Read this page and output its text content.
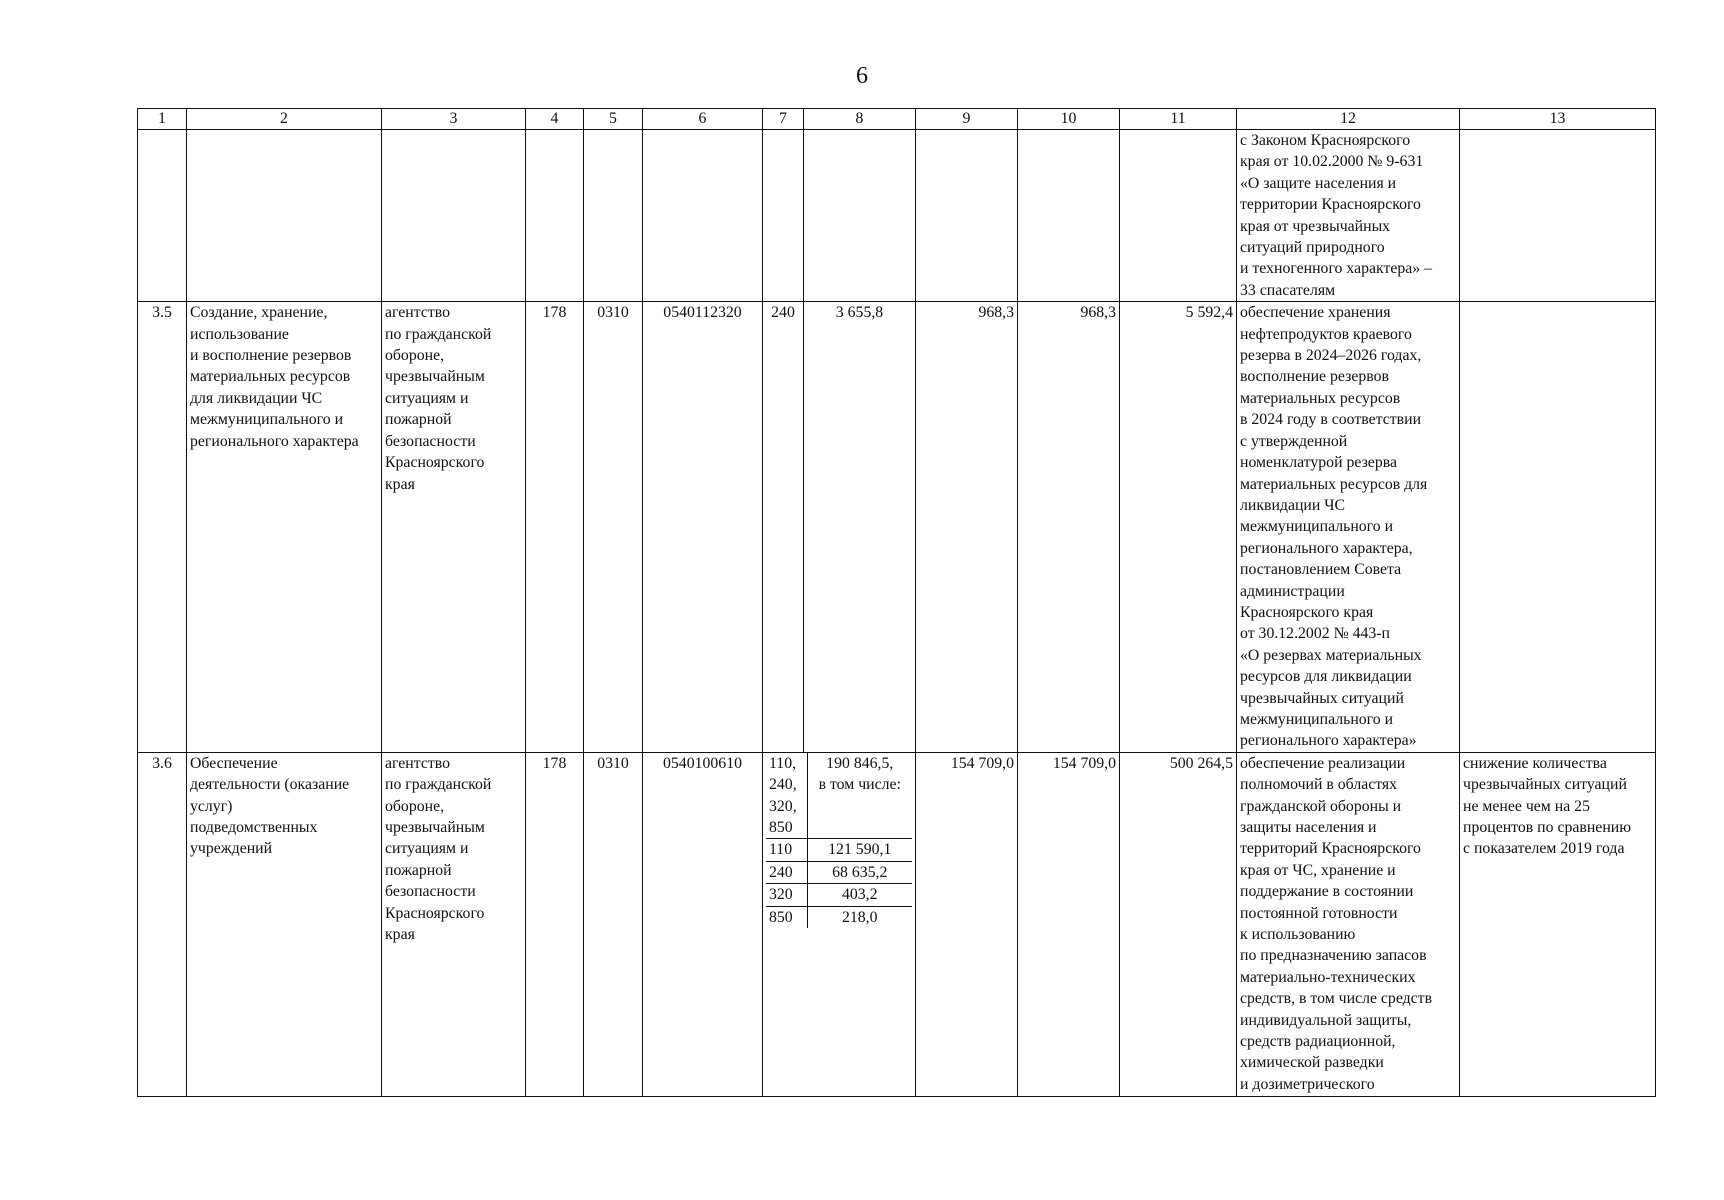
6
1	2	3	4	5	6	7	8	9	10	11	12	13
											с Законом Красноярского
края от 10.02.2000 № 9-631
«О защите населения и
территории Красноярского
края от чрезвычайных
ситуаций природного
и техногенного характера» –
33 спасателям	
3.5	Создание, хранение,
использование
и восполнение резервов
материальных ресурсов
для ликвидации ЧС
межмуниципального и
регионального характера	агентство
по гражданской
обороне,
чрезвычайным
ситуациям и
пожарной
безопасности
Красноярского
края	178	0310	0540112320	240	3 655,8	968,3	968,3	5 592,4	обеспечение хранения
нефтепродуктов краевого
резерва в 2024–2026 годах,
восполнение резервов
материальных ресурсов
в 2024 году в соответствии
с утвержденной
номенклатурой резерва
материальных ресурсов для
ликвидации ЧС
межмуниципального и
регионального характера,
постановлением Совета
администрации
Красноярского края
от 30.12.2002 № 443-п
«О резервах материальных
ресурсов для ликвидации
чрезвычайных ситуаций
межмуниципального и
регионального характера»	
3.6	Обеспечение
деятельности (оказание
услуг)
подведомственных
учреждений	агентство
по гражданской
обороне,
чрезвычайным
ситуациям и
пожарной
безопасности
Красноярского
края	178	0310	0540100610	110,
240,
320,
850	190 846,5,
в том числе:
110	121 590,1
240	68 635,2
320	403,2
850	218,0
	154 709,0	154 709,0	500 264,5	обеспечение реализации
полномочий в областях
гражданской обороны и
защиты населения и
территорий Красноярского
края от ЧС, хранение и
поддержание в состоянии
постоянной готовности
к использованию
по предназначению запасов
материально-технических
средств, в том числе средств
индивидуальной защиты,
средств радиационной,
химической разведки
и дозиметрического	снижение количества
чрезвычайных ситуаций
не менее чем на 25
процентов по сравнению
с показателем 2019 года
